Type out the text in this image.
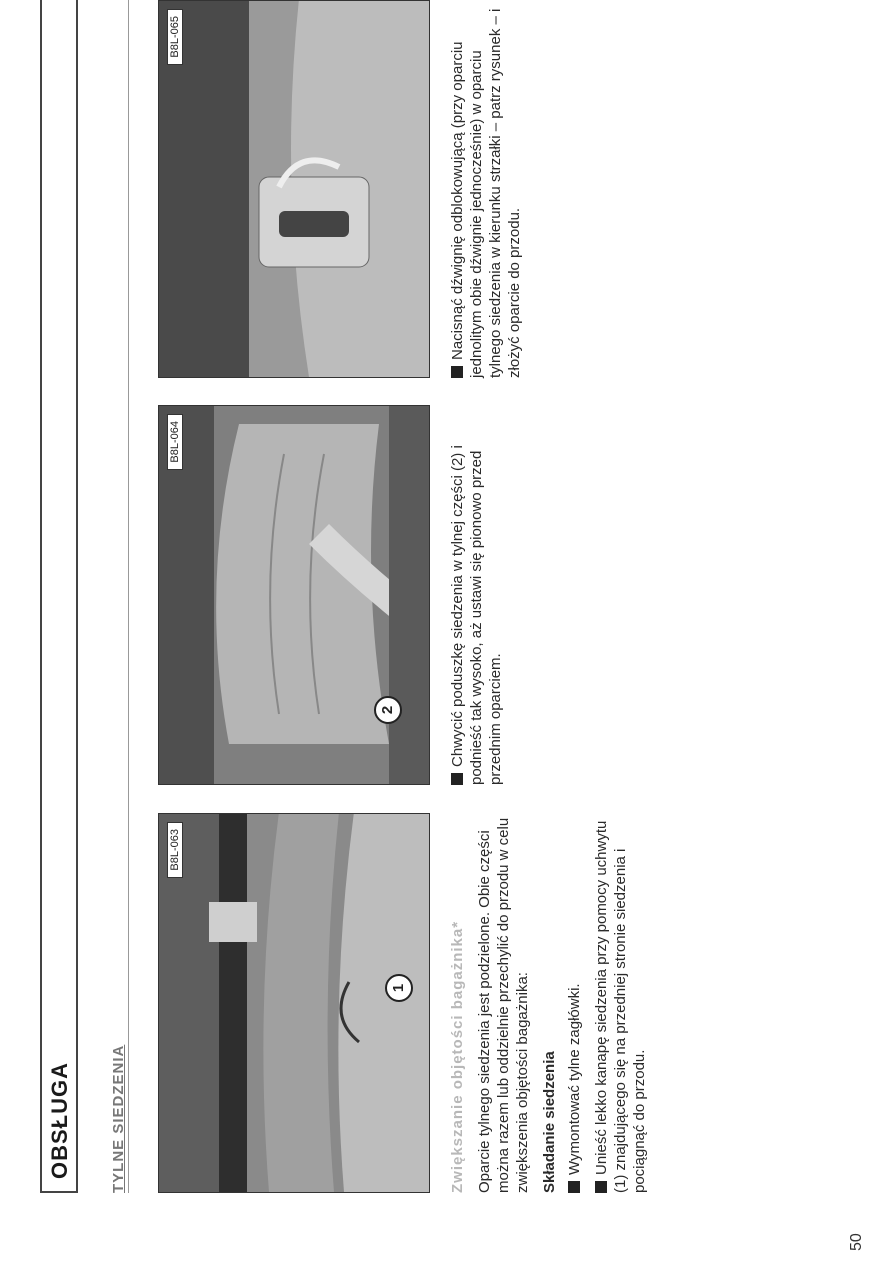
OBSŁUGA	TYLNE SIEDZENIA
B8L-063
1
B8L-064
2
B8L-065

Zwiększanie objętości bagażnika* Oparcie tylnego siedzenia jest podzielone. Obie części można razem lub oddzielnie przechylić do przodu w celu zwiększenia objętości bagażnika: Składanie siedzenia Wymontować tylne zagłówki. Unieść lekko kanapę siedzenia przy pomocy uchwytu (1) znajdującego się na przedniej stronie siedzenia i pociągnąć do przodu.

Chwycić poduszkę siedzenia w tylnej części (2) i podnieść tak wysoko, aż ustawi się pionowo przed przednim oparciem.

Nacisnąć dźwignię odblokowującą (przy oparciu jednolitym obie dźwignie jednocześnie) w oparciu tylnego siedzenia w kierunku strzałki – patrz rysunek – i złożyć oparcie do przodu.

50
